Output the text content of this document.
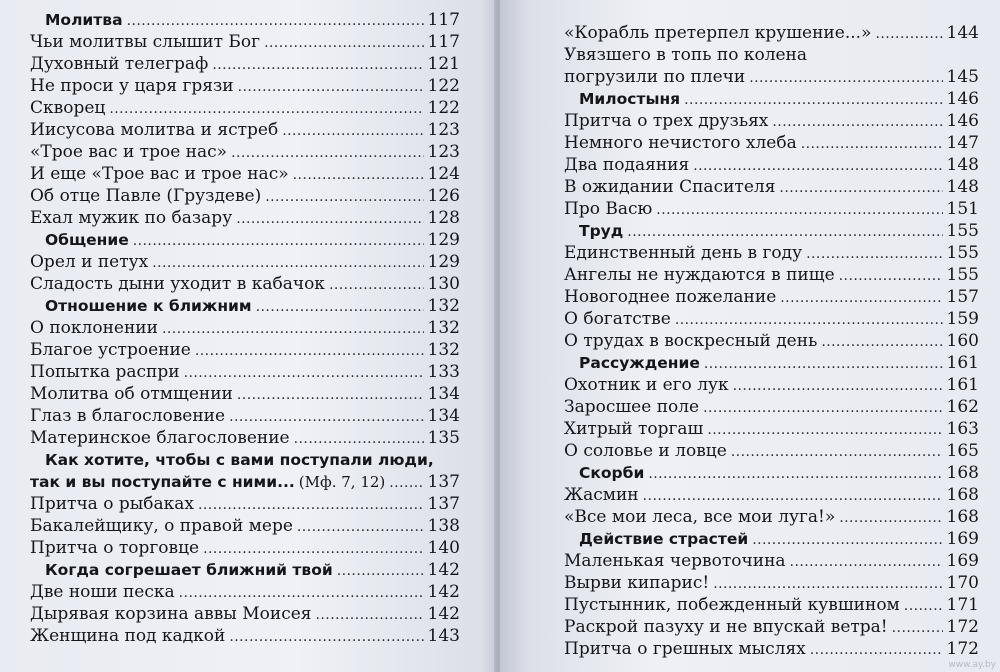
Молитва . . .	117
Чьи молитвы слышит Бог . . .	117
Духовный телеграф . . .	121
Не проси у царя грязи . . .	122
Скворец . . .	122
Иисусова молитва и ястреб . . .	123
«Трое вас и трое нас» . . .	123
И еще «Трое вас и трое нас» . . .	124
Об отце Павле (Груздеве) . . .	126
Ехал мужик по базару . . .	128
Общение . . .	129
Орел и петух . . .	129
Сладость дыни уходит в кабачок . . .	130
Отношение к ближним . . .	132
О поклонении . . .	132
Благое устроение . . .	132
Попытка распри . . .	133
Молитва об отмщении . . .	134
Глаз в благословение . . .	134
Материнское благословение . . .	135
Как хотите, чтобы с вами поступали люди,
так и вы поступайте с ними... (Мф. 7, 12) . . . 137
Притча о рыбаках . . .	137
Бакалейщику, о правой мере . . .	138
Притча о торговце . . .	140
Когда согрешает ближний твой . . .	142
Две ноши песка . . .	142
Дырявая корзина аввы Моисея . . .	142
Женщина под кадкой . . .	143
«Корабль претерпел крушение...» . . .	144
Увязшего в топь по колена
погрузили по плечи . . .	145
Милостыня . . .	146
Притча о трех друзьях . . .	146
Немного нечистого хлеба . . .	147
Два подаяния . . .	148
В ожидании Спасителя . . .	148
Про Васю . . .	151
Труд . . .	155
Единственный день в году . . .	155
Ангелы не нуждаются в пище . . .	155
Новогоднее пожелание . . .	157
О богатстве . . .	159
О трудах в воскресный день . . .	160
Рассуждение . . .	161
Охотник и его лук . . .	161
Заросшее поле . . .	162
Хитрый торгаш . . .	163
О соловье и ловце . . .	165
Скорби . . .	168
Жасмин . . .	168
«Все мои леса, все мои луга!» . . .	168
Действие страстей . . .	169
Маленькая червоточина . . .	169
Вырви кипарис! . . .	170
Пустынник, побежденный кувшином . . .	171
Раскрой пазуху и не впускай ветра! . . .	172
Притча о грешных мыслях . . .	172
www.ay.by
